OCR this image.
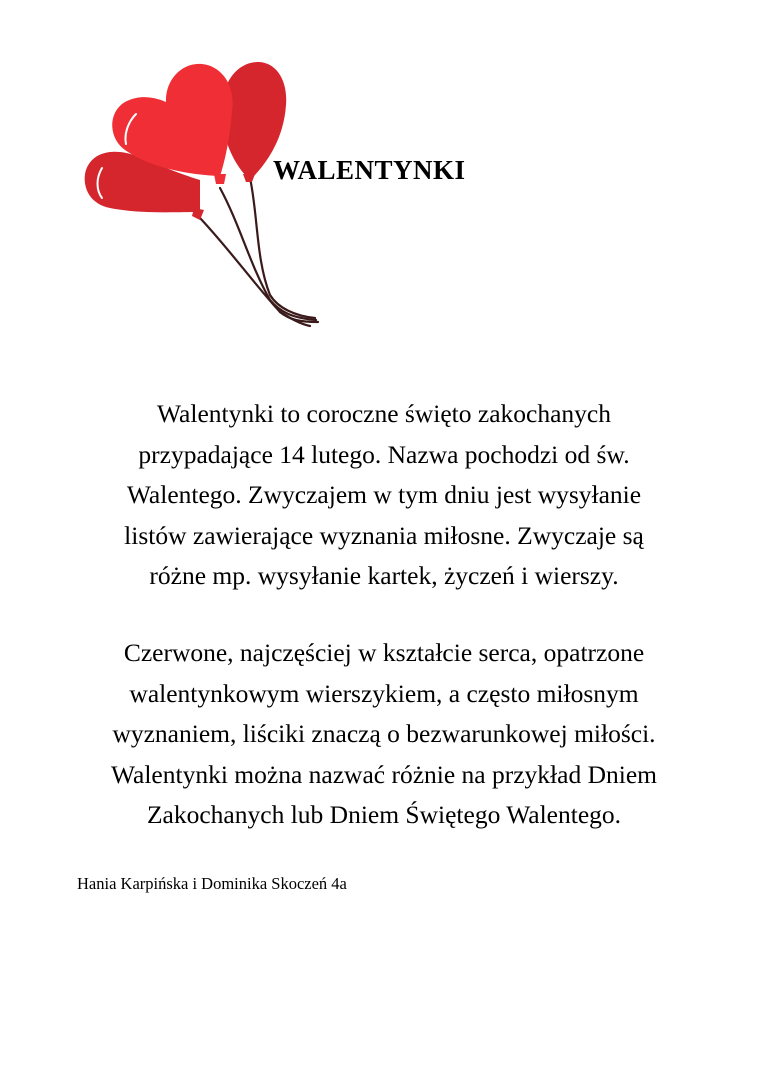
WALENTYNKI

Walentynki to coroczne święto zakochanych
przypadające 14 lutego. Nazwa pochodzi od św.
Walentego. Zwyczajem w tym dniu jest wysyłanie
listów zawierające wyznania miłosne. Zwyczaje są
różne mp. wysyłanie kartek, życzeń i wierszy.

Czerwone, najczęściej w kształcie serca, opatrzone
walentynkowym wierszykiem, a często miłosnym
wyznaniem, liściki znaczą o bezwarunkowej miłości.
Walentynki można nazwać różnie na przykład Dniem
Zakochanych lub Dniem Świętego Walentego.

Hania Karpińska i Dominika Skoczeń 4a
